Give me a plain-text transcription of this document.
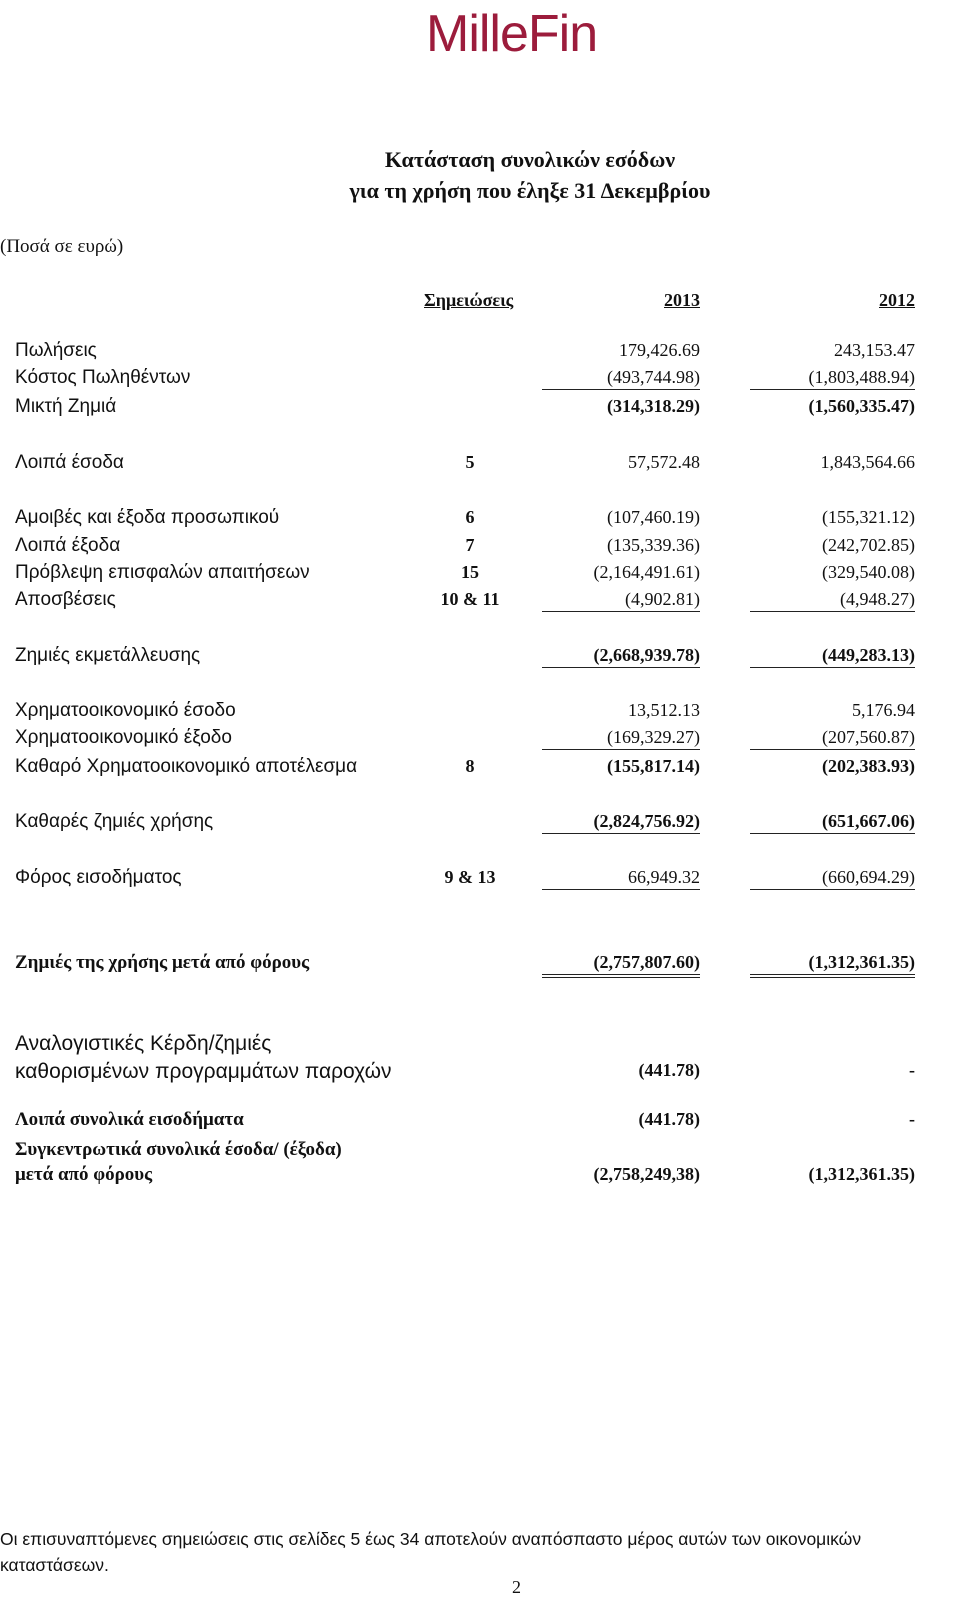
MilleFin
Κατάσταση συνολικών εσόδων
για τη χρήση που έληξε 31 Δεκεμβρίου
(Ποσά σε ευρώ)
Σημειώσεις	2013	2012
Πωλήσεις	179,426.69	243,153.47
Κόστος Πωληθέντων	(493,744.98)	(1,803,488.94)
Μικτή Ζημιά	(314,318.29)	(1,560,335.47)
Λοιπά έσοδα	5	57,572.48	1,843,564.66
Αμοιβές και έξοδα προσωπικού	6	(107,460.19)	(155,321.12)
Λοιπά έξοδα	7	(135,339.36)	(242,702.85)
Πρόβλεψη επισφαλών απαιτήσεων	15	(2,164,491.61)	(329,540.08)
Αποσβέσεις	10 & 11	(4,902.81)	(4,948.27)
Ζημιές εκμετάλλευσης	(2,668,939.78)	(449,283.13)
Χρηματοοικονομικό έσοδο	13,512.13	5,176.94
Χρηματοοικονομικό έξοδο	(169,329.27)	(207,560.87)
Καθαρό Χρηματοοικονομικό αποτέλεσμα	8	(155,817.14)	(202,383.93)
Καθαρές ζημιές χρήσης	(2,824,756.92)	(651,667.06)
Φόρος εισοδήματος	9 & 13	66,949.32	(660,694.29)
Ζημιές της χρήσης μετά από φόρους	(2,757,807.60)	(1,312,361.35)
Αναλογιστικές Κέρδη/ζημιές
καθορισμένων προγραμμάτων παροχών	(441.78)	-
Λοιπά συνολικά εισοδήματα	(441.78)	-
Συγκεντρωτικά συνολικά έσοδα/ (έξοδα)
μετά από φόρους	(2,758,249,38)	(1,312,361.35)
Οι επισυναπτόμενες σημειώσεις στις σελίδες 5 έως 34 αποτελούν αναπόσπαστο μέρος αυτών των οικονομικών καταστάσεων.
2
